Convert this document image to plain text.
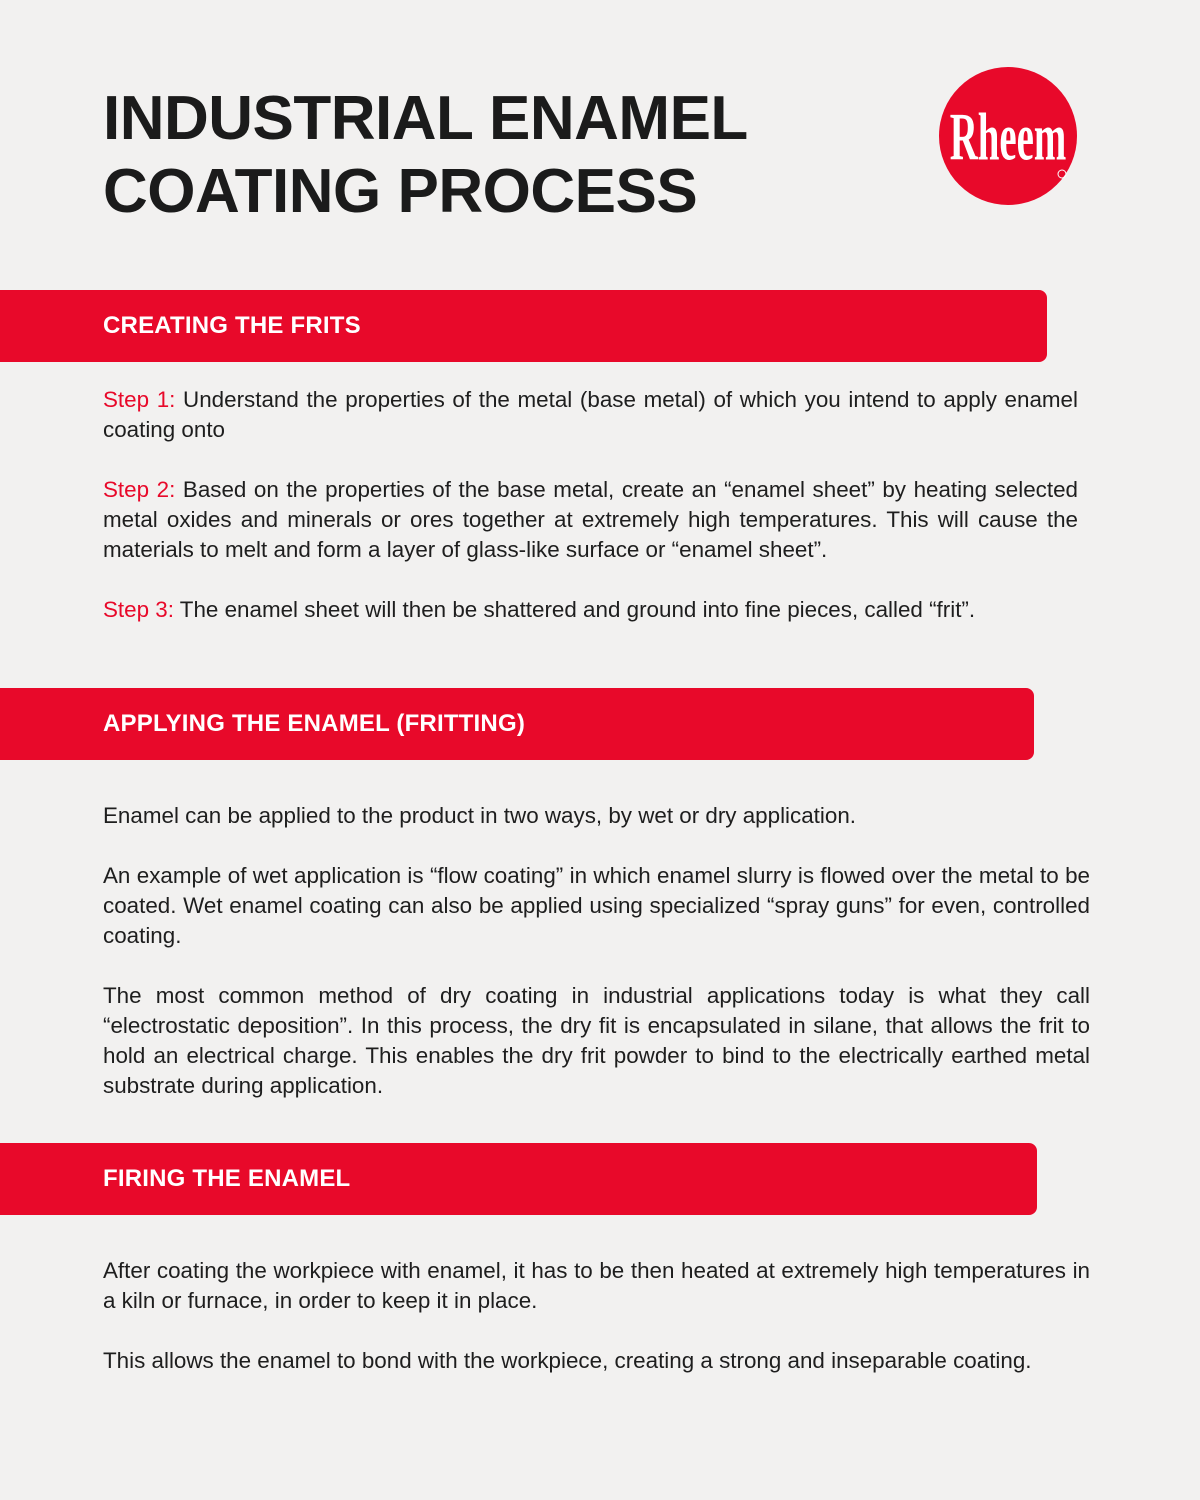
INDUSTRIAL ENAMEL
COATING PROCESS
Rheem
CREATING THE FRITS

Step 1: Understand the properties of the metal (base metal) of which you intend to apply enamel coating onto

Step 2: Based on the properties of the base metal, create an “enamel sheet” by heating selected metal oxides and minerals or ores together at extremely high temperatures. This will cause the materials to melt and form a layer of glass-like surface or “enamel sheet”.

Step 3: The enamel sheet will then be shattered and ground into fine pieces, called “frit”.

APPLYING THE ENAMEL (FRITTING)

Enamel can be applied to the product in two ways, by wet or dry application.

An example of wet application is “flow coating” in which enamel slurry is flowed over the metal to be coated. Wet enamel coating can also be applied using specialized “spray guns” for even, controlled coating.

The most common method of dry coating in industrial applications today is what they call “electrostatic deposition”. In this process, the dry fit is encapsulated in silane, that allows the frit to hold an electrical charge. This enables the dry frit powder to bind to the electrically earthed metal substrate during application.

FIRING THE ENAMEL

After coating the workpiece with enamel, it has to be then heated at extremely high temperatures in a kiln or furnace, in order to keep it in place.

This allows the enamel to bond with the workpiece, creating a strong and inseparable coating.
